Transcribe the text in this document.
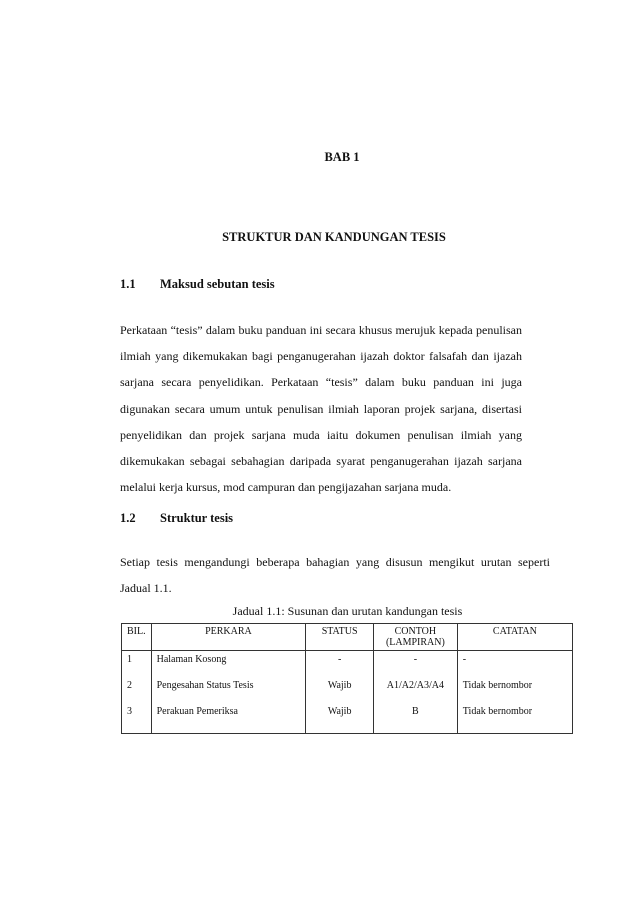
BAB 1
STRUKTUR DAN KANDUNGAN TESIS
1.1 Maksud sebutan tesis
Perkataan “tesis” dalam buku panduan ini secara khusus merujuk kepada penulisan ilmiah yang dikemukakan bagi penganugerahan ijazah doktor falsafah dan ijazah sarjana secara penyelidikan. Perkataan “tesis” dalam buku panduan ini juga digunakan secara umum untuk penulisan ilmiah laporan projek sarjana, disertasi penyelidikan dan projek sarjana muda iaitu dokumen penulisan ilmiah yang dikemukakan sebagai sebahagian daripada syarat penganugerahan ijazah sarjana melalui kerja kursus, mod campuran dan pengijazahan sarjana muda.
1.2 Struktur tesis
Setiap tesis mengandungi beberapa bahagian yang disusun mengikut urutan seperti Jadual 1.1.
Jadual 1.1: Susunan dan urutan kandungan tesis
BIL.	PERKARA	STATUS	CONTOH (LAMPIRAN)	CATATAN
1	Halaman Kosong	-	-	-
2	Pengesahan Status Tesis	Wajib	A1/A2/A3/A4	Tidak bernombor
3	Perakuan Pemeriksa	Wajib	B	Tidak bernombor
